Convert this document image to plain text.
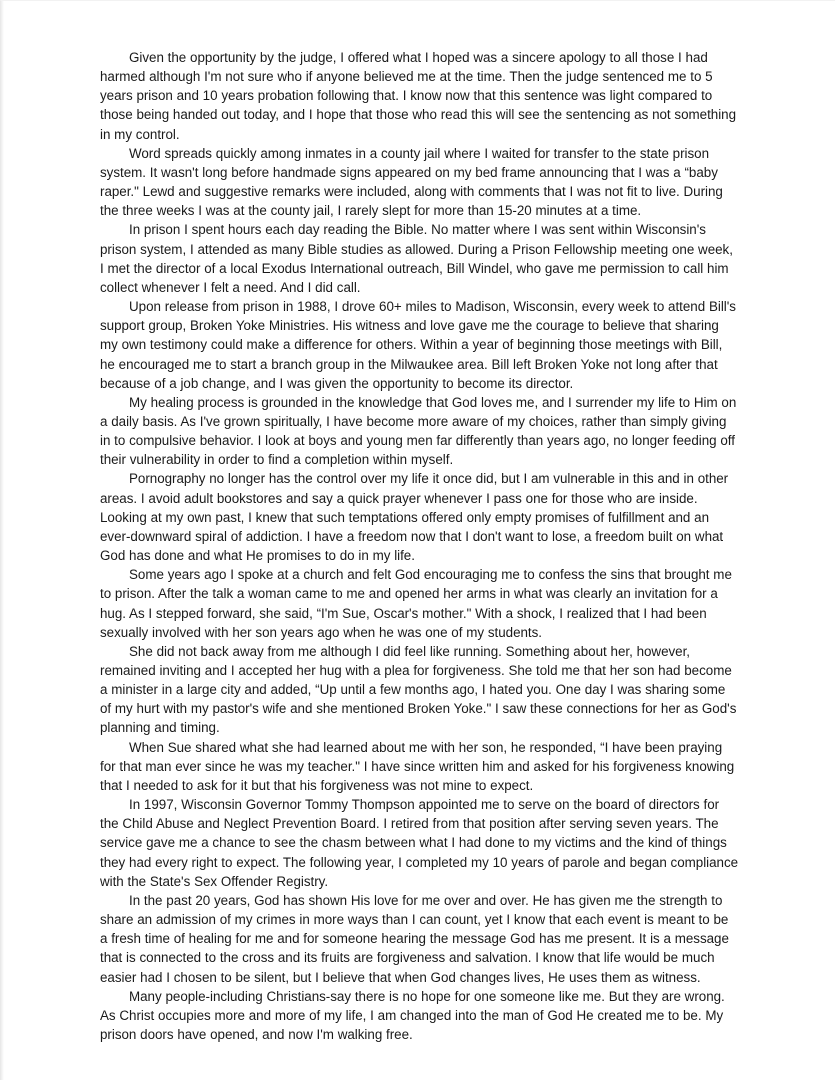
Given the opportunity by the judge, I offered what I hoped was a sincere apology to all those I had harmed although I'm not sure who if anyone believed me at the time. Then the judge sentenced me to 5 years prison and 10 years probation following that. I know now that this sentence was light compared to those being handed out today, and I hope that those who read this will see the sentencing as not something in my control.

Word spreads quickly among inmates in a county jail where I waited for transfer to the state prison system. It wasn't long before handmade signs appeared on my bed frame announcing that I was a “baby raper." Lewd and suggestive remarks were included, along with comments that I was not fit to live. During the three weeks I was at the county jail, I rarely slept for more than 15-20 minutes at a time.

In prison I spent hours each day reading the Bible. No matter where I was sent within Wisconsin's prison system, I attended as many Bible studies as allowed. During a Prison Fellowship meeting one week, I met the director of a local Exodus International outreach, Bill Windel, who gave me permission to call him collect whenever I felt a need. And I did call.

Upon release from prison in 1988, I drove 60+ miles to Madison, Wisconsin, every week to attend Bill's support group, Broken Yoke Ministries. His witness and love gave me the courage to believe that sharing my own testimony could make a difference for others. Within a year of beginning those meetings with Bill, he encouraged me to start a branch group in the Milwaukee area. Bill left Broken Yoke not long after that because of a job change, and I was given the opportunity to become its director.

My healing process is grounded in the knowledge that God loves me, and I surrender my life to Him on a daily basis. As I've grown spiritually, I have become more aware of my choices, rather than simply giving in to compulsive behavior. I look at boys and young men far differently than years ago, no longer feeding off their vulnerability in order to find a completion within myself.

Pornography no longer has the control over my life it once did, but I am vulnerable in this and in other areas. I avoid adult bookstores and say a quick prayer whenever I pass one for those who are inside. Looking at my own past, I knew that such temptations offered only empty promises of fulfillment and an ever-downward spiral of addiction. I have a freedom now that I don't want to lose, a freedom built on what God has done and what He promises to do in my life.

Some years ago I spoke at a church and felt God encouraging me to confess the sins that brought me to prison. After the talk a woman came to me and opened her arms in what was clearly an invitation for a hug. As I stepped forward, she said, “I'm Sue, Oscar's mother." With a shock, I realized that I had been sexually involved with her son years ago when he was one of my students.

She did not back away from me although I did feel like running. Something about her, however, remained inviting and I accepted her hug with a plea for forgiveness. She told me that her son had become a minister in a large city and added, “Up until a few months ago, I hated you. One day I was sharing some of my hurt with my pastor's wife and she mentioned Broken Yoke." I saw these connections for her as God's planning and timing.

When Sue shared what she had learned about me with her son, he responded, “I have been praying for that man ever since he was my teacher." I have since written him and asked for his forgiveness knowing that I needed to ask for it but that his forgiveness was not mine to expect.

In 1997, Wisconsin Governor Tommy Thompson appointed me to serve on the board of directors for the Child Abuse and Neglect Prevention Board. I retired from that position after serving seven years. The service gave me a chance to see the chasm between what I had done to my victims and the kind of things they had every right to expect. The following year, I completed my 10 years of parole and began compliance with the State's Sex Offender Registry.

In the past 20 years, God has shown His love for me over and over. He has given me the strength to share an admission of my crimes in more ways than I can count, yet I know that each event is meant to be a fresh time of healing for me and for someone hearing the message God has me present. It is a message that is connected to the cross and its fruits are forgiveness and salvation. I know that life would be much easier had I chosen to be silent, but I believe that when God changes lives, He uses them as witness.

Many people-including Christians-say there is no hope for one someone like me. But they are wrong. As Christ occupies more and more of my life, I am changed into the man of God He created me to be. My prison doors have opened, and now I'm walking free.
